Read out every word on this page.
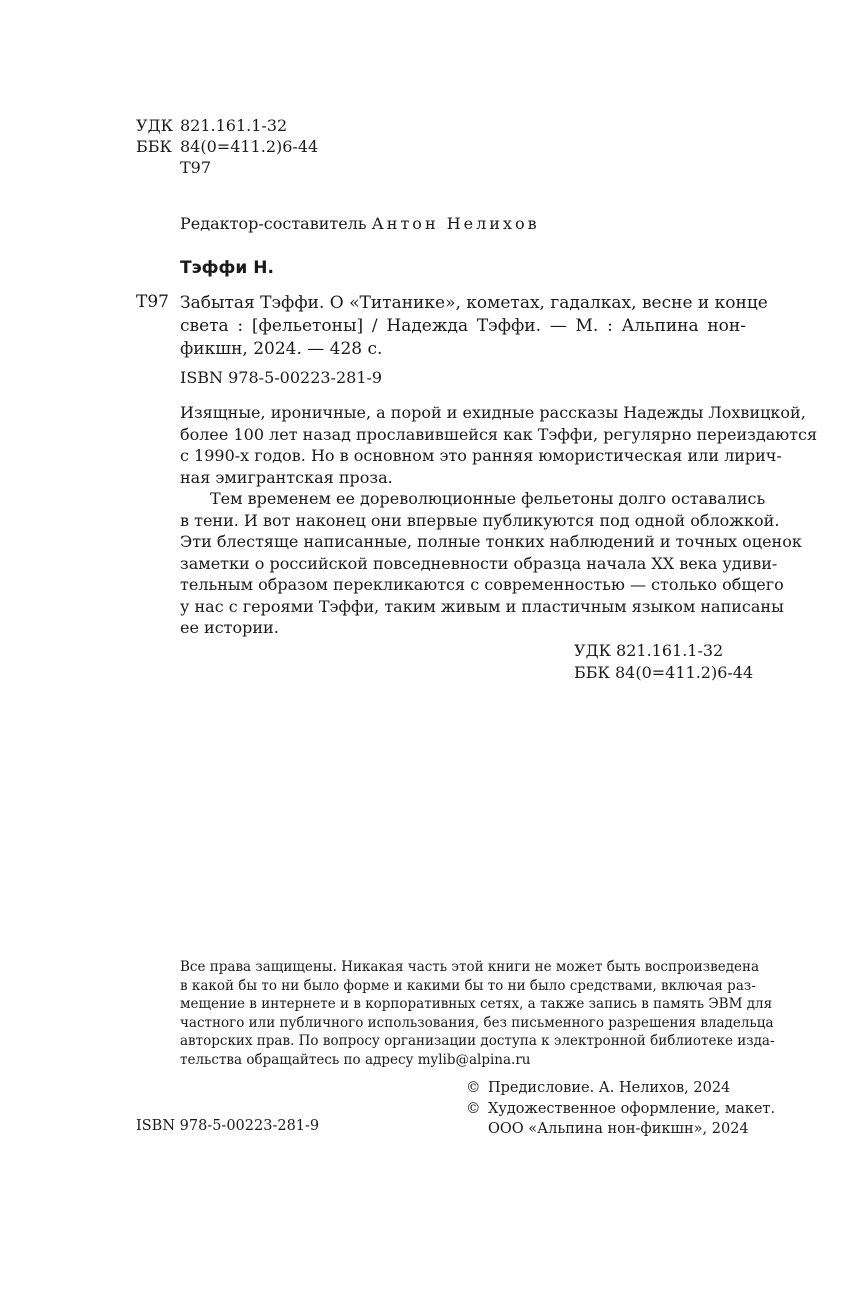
УДК 821.161.1-32
ББК 84(0=411.2)6-44
Т97
Редактор-составитель Антон Нелихов
Тэффи Н.
Т97 Забытая Тэффи. О «Титанике», кометах, гадалках, весне и конце
света : [фельетоны] / Надежда Тэффи. — М. : Альпина нон-
фикшн, 2024. — 428 с.
ISBN 978-5-00223-281-9
Изящные, ироничные, а порой и ехидные рассказы Надежды Лохвицкой,
более 100 лет назад прославившейся как Тэффи, регулярно переиздаются
с 1990-х годов. Но в основном это ранняя юмористическая или лирич-
ная эмигрантская проза.
Тем временем ее дореволюционные фельетоны долго оставались
в тени. И вот наконец они впервые публикуются под одной обложкой.
Эти блестяще написанные, полные тонких наблюдений и точных оценок
заметки о российской повседневности образца начала ХХ века удиви-
тельным образом перекликаются с современностью — столько общего
у нас с героями Тэффи, таким живым и пластичным языком написаны
ее истории.
УДК 821.161.1-32
ББК 84(0=411.2)6-44
Все права защищены. Никакая часть этой книги не может быть воспроизведена
в какой бы то ни было форме и какими бы то ни было средствами, включая раз-
мещение в интернете и в корпоративных сетях, а также запись в память ЭВМ для
частного или публичного использования, без письменного разрешения владельца
авторских прав. По вопросу организации доступа к электронной библиотеке изда-
тельства обращайтесь по адресу mylib@alpina.ru
© Предисловие. А. Нелихов, 2024
© Художественное оформление, макет.
ООО «Альпина нон-фикшн», 2024
ISBN 978-5-00223-281-9
